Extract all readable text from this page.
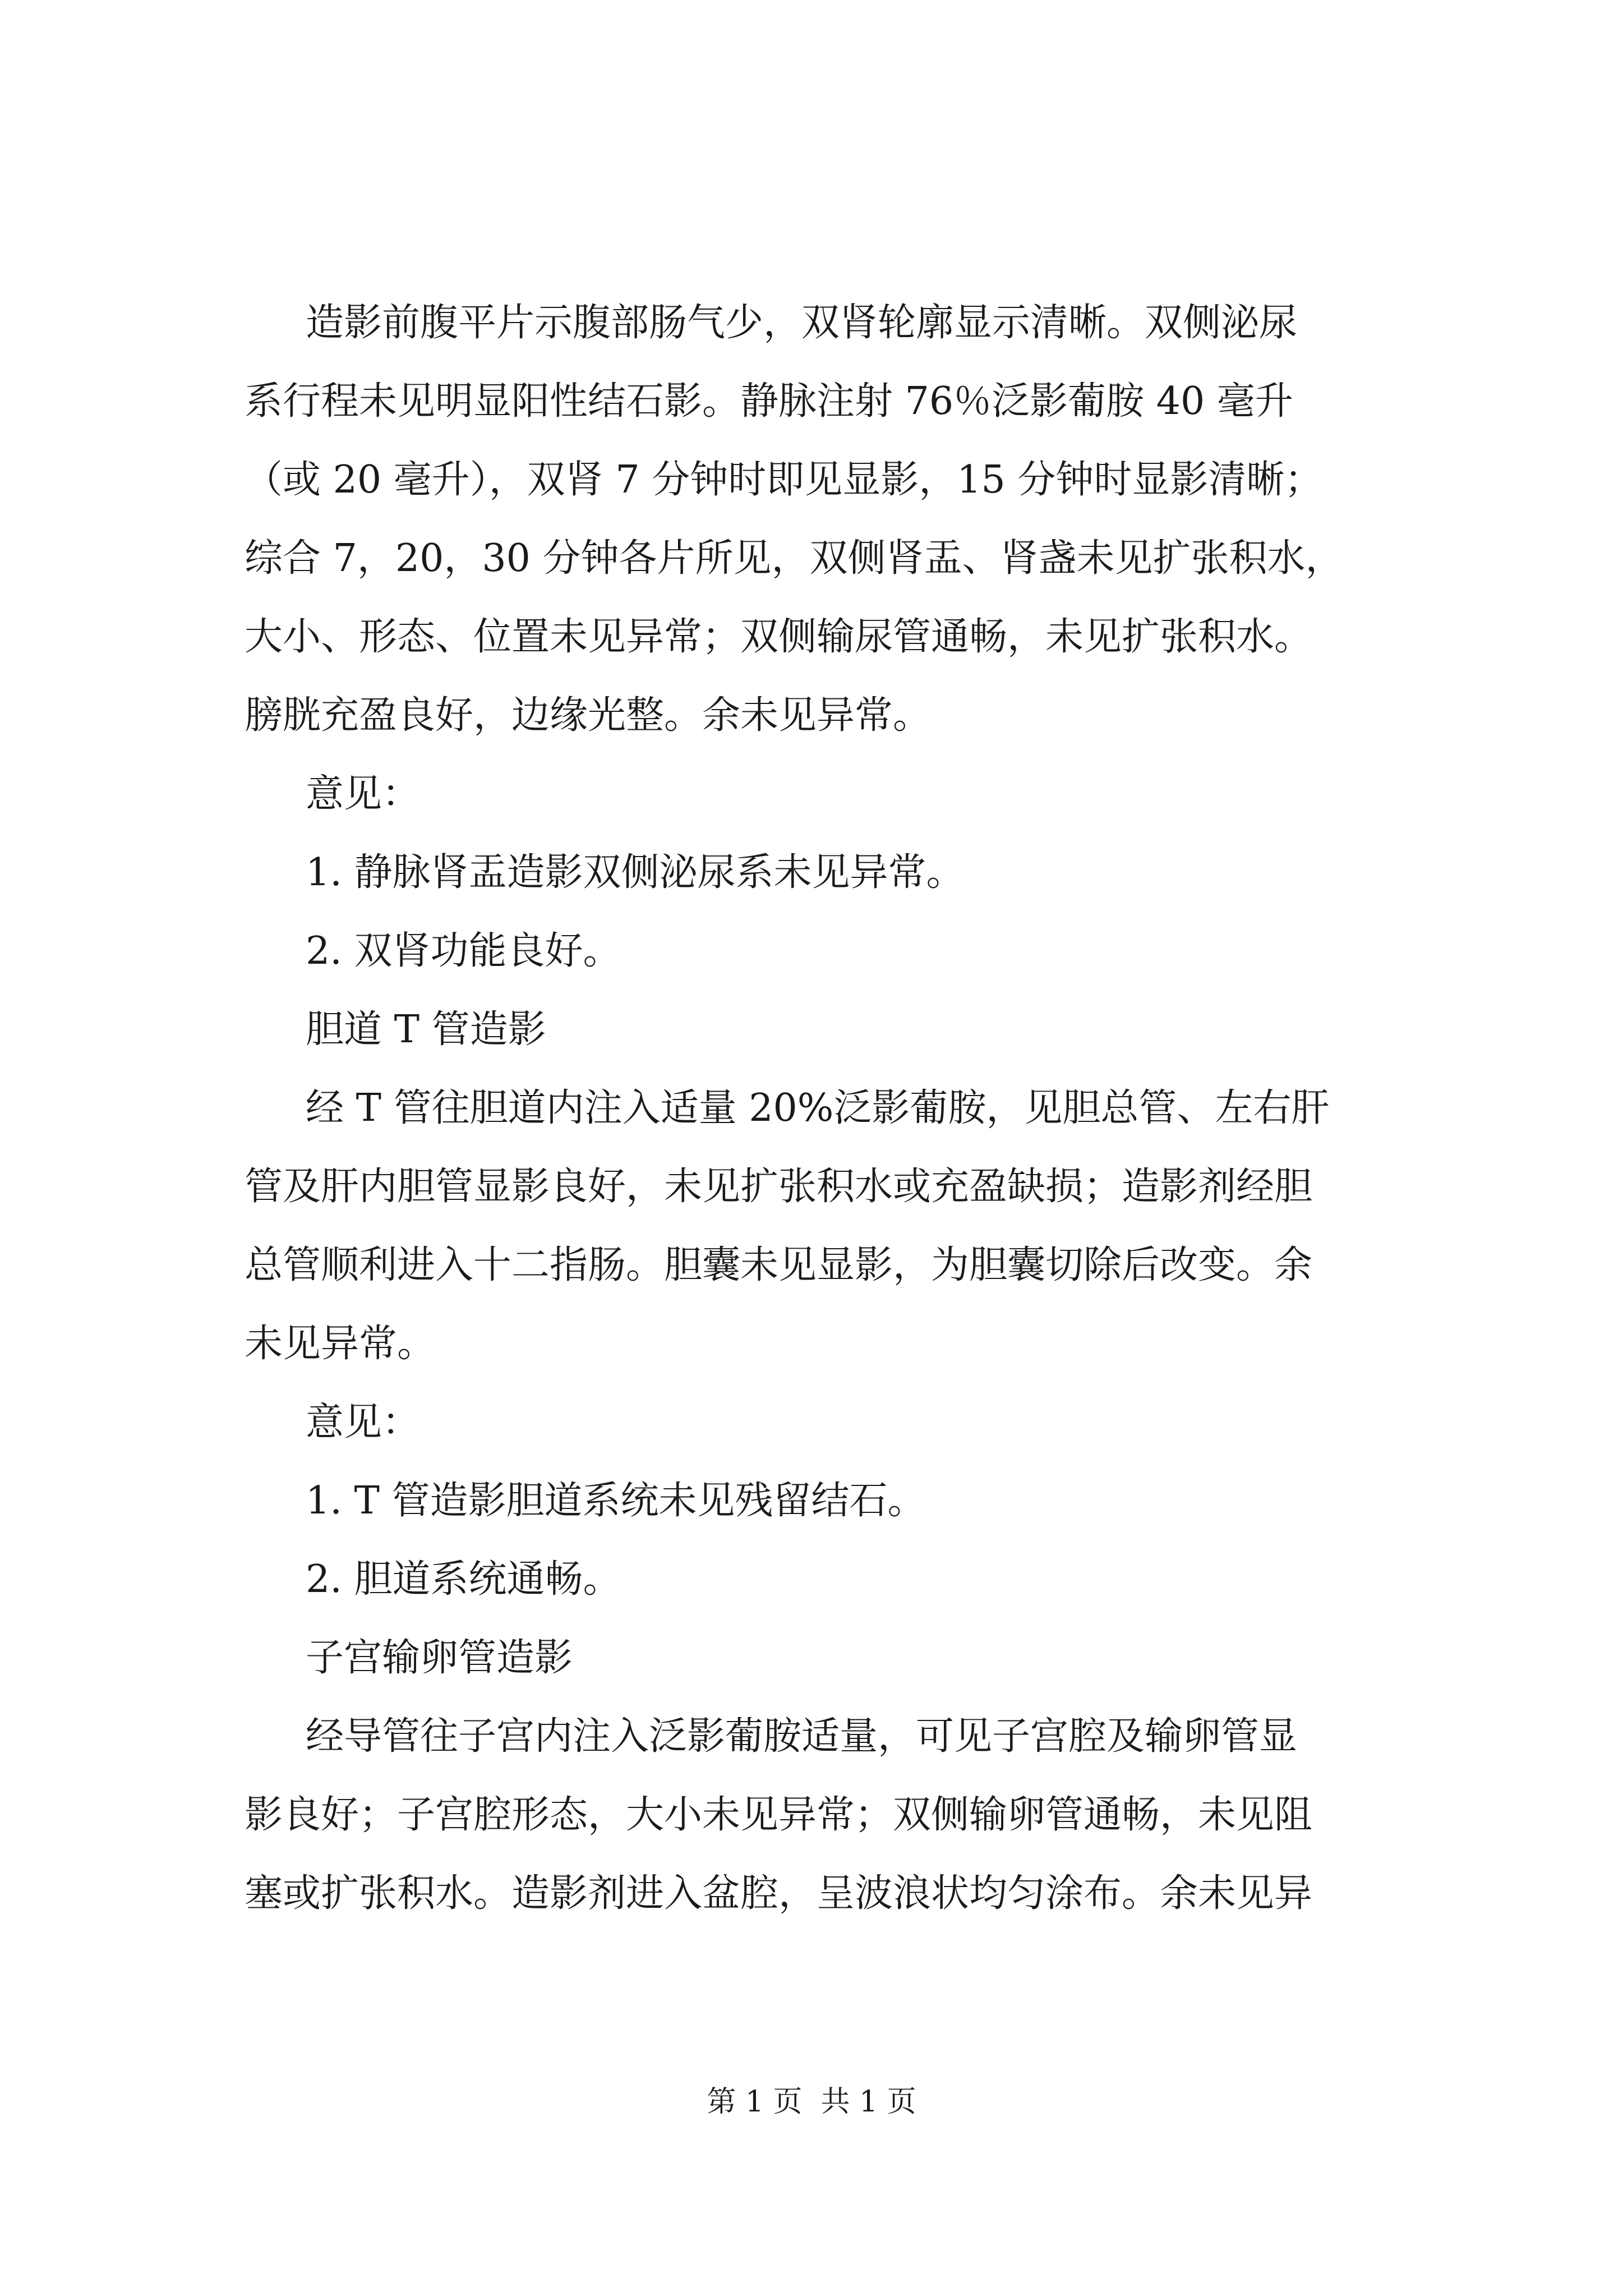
造影前腹平片示腹部肠气少，双肾轮廓显示清晰。双侧泌尿
系行程未见明显阳性结石影。静脉注射 76％泛影葡胺 40 毫升
（或 20 毫升），双肾 7 分钟时即见显影，15 分钟时显影清晰；
综合 7，20，30 分钟各片所见，双侧肾盂、肾盏未见扩张积水，
大小、形态、位置未见异常；双侧输尿管通畅，未见扩张积水。
膀胱充盈良好，边缘光整。余未见异常。
意见：
1. 静脉肾盂造影双侧泌尿系未见异常。
2. 双肾功能良好。
胆道 T 管造影
经 T 管往胆道内注入适量 20%泛影葡胺，见胆总管、左右肝
管及肝内胆管显影良好，未见扩张积水或充盈缺损；造影剂经胆
总管顺利进入十二指肠。胆囊未见显影，为胆囊切除后改变。余
未见异常。
意见：
1. T 管造影胆道系统未见残留结石。
2. 胆道系统通畅。
子宫输卵管造影
经导管往子宫内注入泛影葡胺适量，可见子宫腔及输卵管显
影良好；子宫腔形态，大小未见异常；双侧输卵管通畅，未见阻
塞或扩张积水。造影剂进入盆腔，呈波浪状均匀涂布。余未见异
第 1 页  共 1 页
